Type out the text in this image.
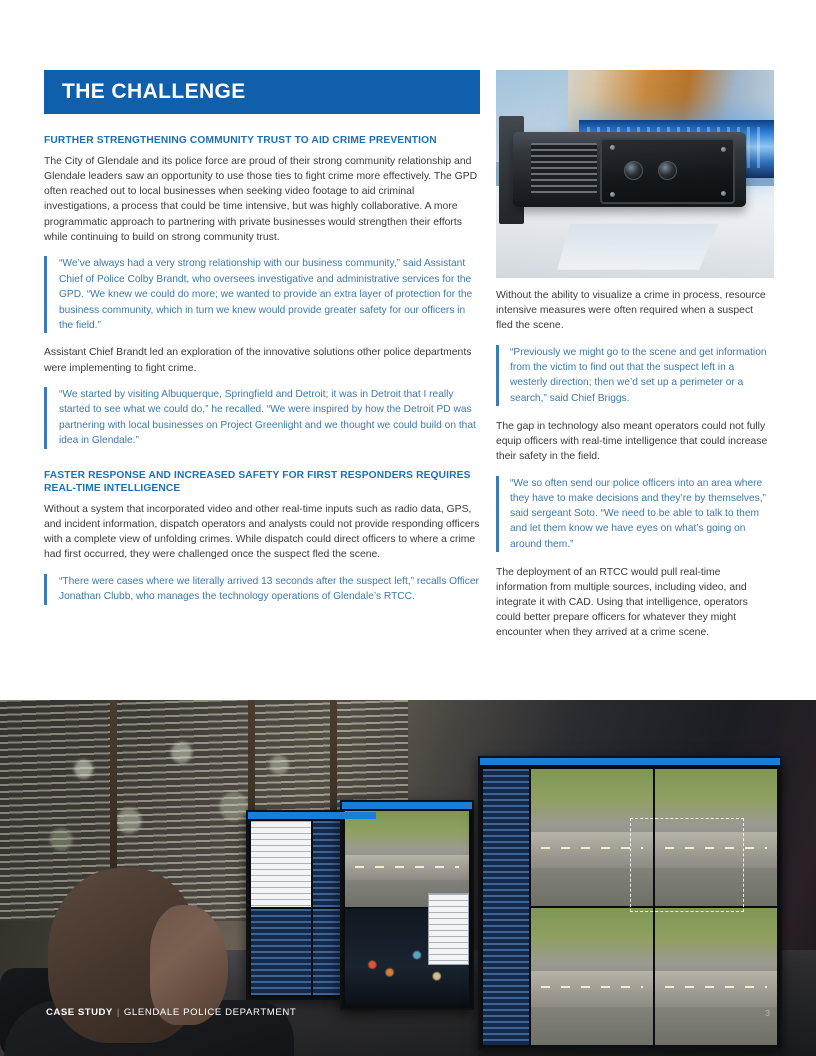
THE CHALLENGE
FURTHER STRENGTHENING COMMUNITY TRUST TO AID CRIME PREVENTION

The City of Glendale and its police force are proud of their strong community relationship and Glendale leaders saw an opportunity to use those ties to fight crime more effectively. The GPD often reached out to local businesses when seeking video footage to aid criminal investigations, a process that could be time intensive, but was highly collaborative. A more programmatic approach to partnering with private businesses would strengthen their efforts while continuing to build on strong community trust.

“We’ve always had a very strong relationship with our business community,” said Assistant Chief of Police Colby Brandt, who oversees investigative and administrative services for the GPD. “We knew we could do more; we wanted to provide an extra layer of protection for the business community, which in turn we knew would provide greater safety for our officers in the field.”

Assistant Chief Brandt led an exploration of the innovative solutions other police departments were implementing to fight crime.

“We started by visiting Albuquerque, Springfield and Detroit; it was in Detroit that I really started to see what we could do,” he recalled. “We were inspired by how the Detroit PD was partnering with local businesses on Project Greenlight and we thought we could build on that idea in Glendale.”
FASTER RESPONSE AND INCREASED SAFETY FOR FIRST RESPONDERS REQUIRES REAL-TIME INTELLIGENCE

Without a system that incorporated video and other real-time inputs such as radio data, GPS, and incident information, dispatch operators and analysts could not provide responding officers with a complete view of unfolding crimes. While dispatch could direct officers to where a crime had first occurred, they were challenged once the suspect fled the scene.

“There were cases where we literally arrived 13 seconds after the suspect left,” recalls Officer Jonathan Clubb, who manages the technology operations of Glendale’s RTCC.

Without the ability to visualize a crime in process, resource intensive measures were often required when a suspect fled the scene.

“Previously we might go to the scene and get information from the victim to find out that the suspect left in a westerly direction; then we’d set up a perimeter or a search,” said Chief Briggs.

The gap in technology also meant operators could not fully equip officers with real-time intelligence that could increase their safety in the field.

“We so often send our police officers into an area where they have to make decisions and they’re by themselves,” said sergeant Soto. “We need to be able to talk to them and let them know we have eyes on what’s going on around them.”

The deployment of an RTCC would pull real-time information from multiple sources, including video, and integrate it with CAD. Using that intelligence, operators could better prepare officers for whatever they might encounter when they arrived at a crime scene.

CASE STUDY | GLENDALE POLICE DEPARTMENT	3
